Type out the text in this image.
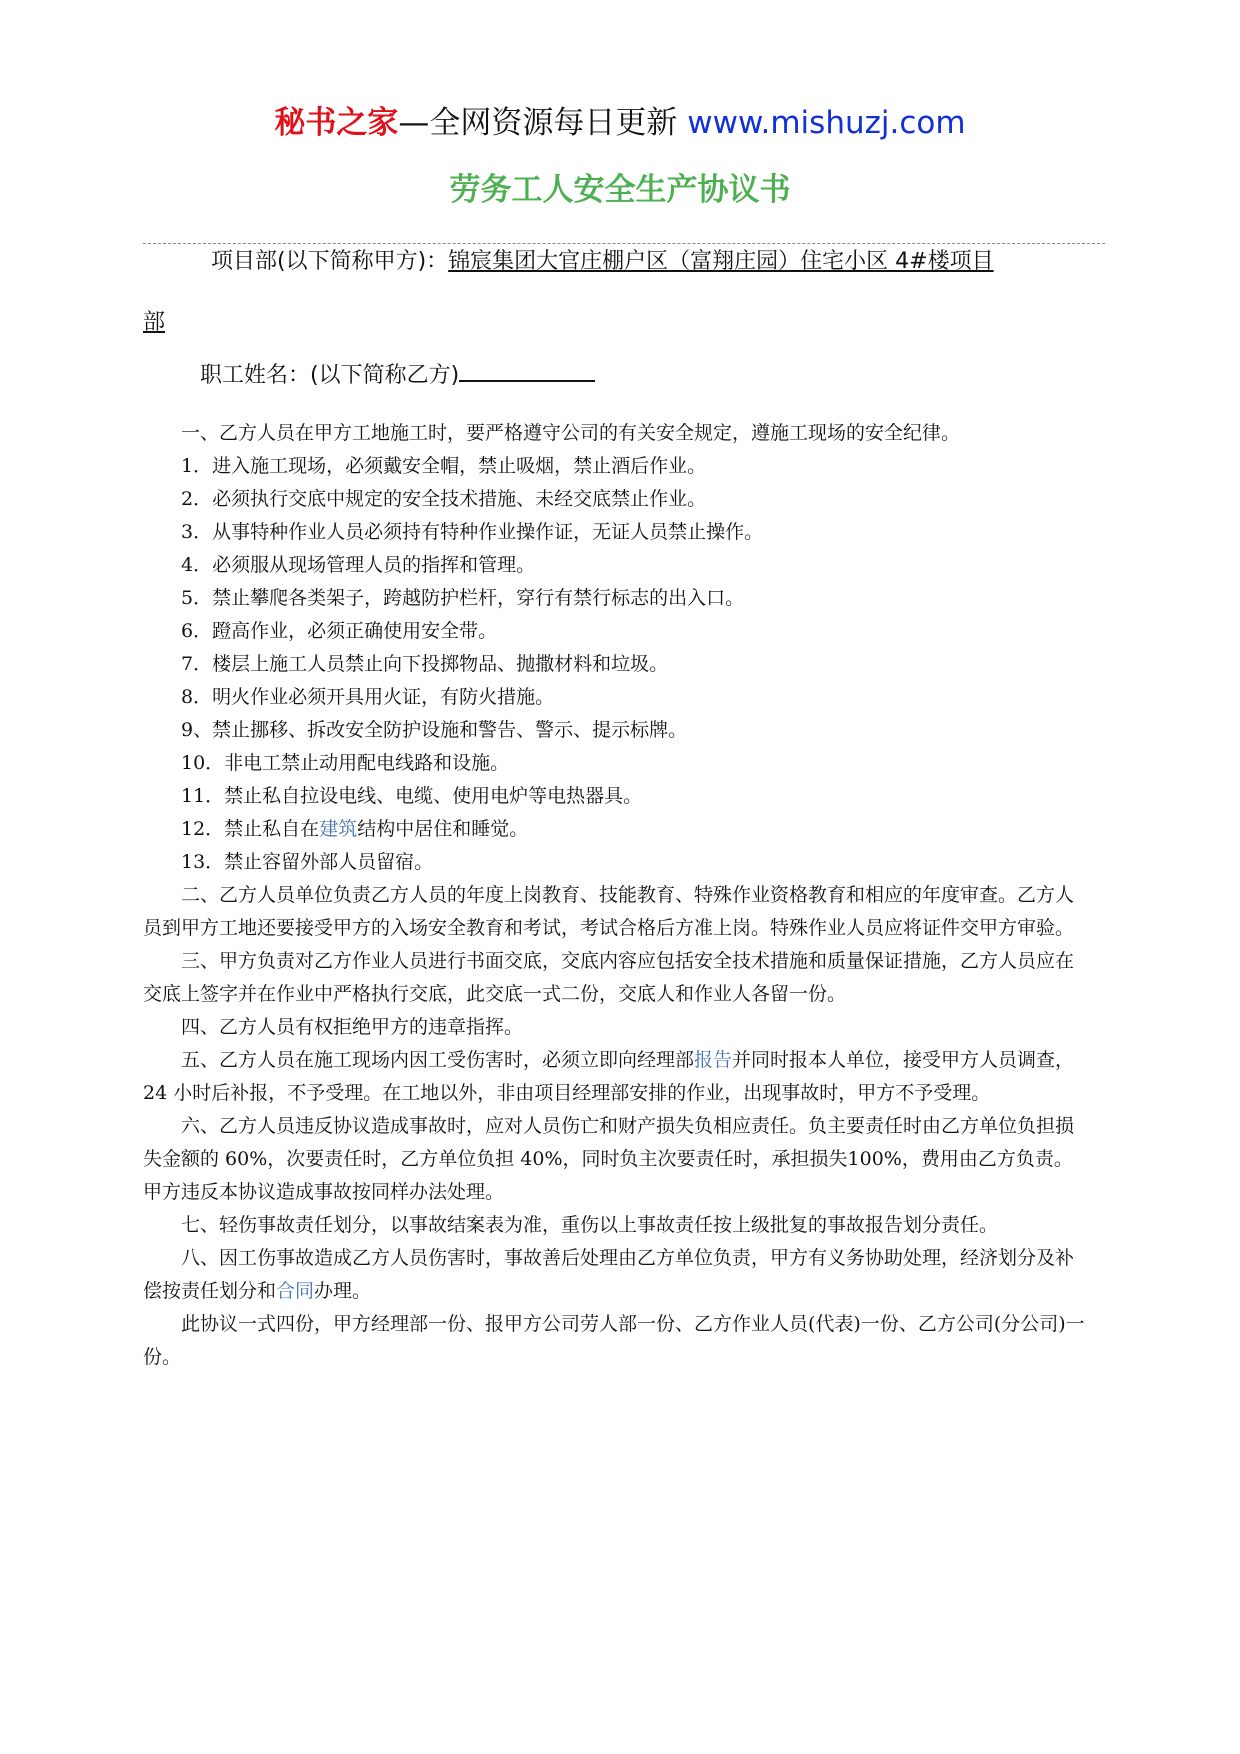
秘书之家—全网资源每日更新 www.mishuzj.com
劳务工人安全生产协议书
项目部(以下简称甲方)：锦宸集团大官庄棚户区（富翔庄园）住宅小区 4#楼项目
部
职工姓名：(以下简称乙方)

一、乙方人员在甲方工地施工时，要严格遵守公司的有关安全规定，遵施工现场的安全纪律。

1．进入施工现场，必须戴安全帽，禁止吸烟，禁止酒后作业。

2．必须执行交底中规定的安全技术措施、未经交底禁止作业。

3．从事特种作业人员必须持有特种作业操作证，无证人员禁止操作。

4．必须服从现场管理人员的指挥和管理。

5．禁止攀爬各类架子，跨越防护栏杆，穿行有禁行标志的出入口。

6．蹬高作业，必须正确使用安全带。

7．楼层上施工人员禁止向下投掷物品、抛撒材料和垃圾。

8．明火作业必须开具用火证，有防火措施。

9、禁止挪移、拆改安全防护设施和警告、警示、提示标牌。

10．非电工禁止动用配电线路和设施。

11．禁止私自拉设电线、电缆、使用电炉等电热器具。

12．禁止私自在建筑结构中居住和睡觉。

13．禁止容留外部人员留宿。

二、乙方人员单位负责乙方人员的年度上岗教育、技能教育、特殊作业资格教育和相应的年度审查。乙方人员到甲方工地还要接受甲方的入场安全教育和考试，考试合格后方准上岗。特殊作业人员应将证件交甲方审验。

三、甲方负责对乙方作业人员进行书面交底，交底内容应包括安全技术措施和质量保证措施，乙方人员应在交底上签字并在作业中严格执行交底，此交底一式二份，交底人和作业人各留一份。

四、乙方人员有权拒绝甲方的违章指挥。

五、乙方人员在施工现场内因工受伤害时，必须立即向经理部报告并同时报本人单位，接受甲方人员调查，24 小时后补报，不予受理。在工地以外，非由项目经理部安排的作业，出现事故时，甲方不予受理。

六、乙方人员违反协议造成事故时，应对人员伤亡和财产损失负相应责任。负主要责任时由乙方单位负担损失金额的 60%，次要责任时，乙方单位负担 40%，同时负主次要责任时，承担损失100%，费用由乙方负责。甲方违反本协议造成事故按同样办法处理。

七、轻伤事故责任划分，以事故结案表为准，重伤以上事故责任按上级批复的事故报告划分责任。

八、因工伤事故造成乙方人员伤害时，事故善后处理由乙方单位负责，甲方有义务协助处理，经济划分及补偿按责任划分和合同办理。

此协议一式四份，甲方经理部一份、报甲方公司劳人部一份、乙方作业人员(代表)一份、乙方公司(分公司)一份。
